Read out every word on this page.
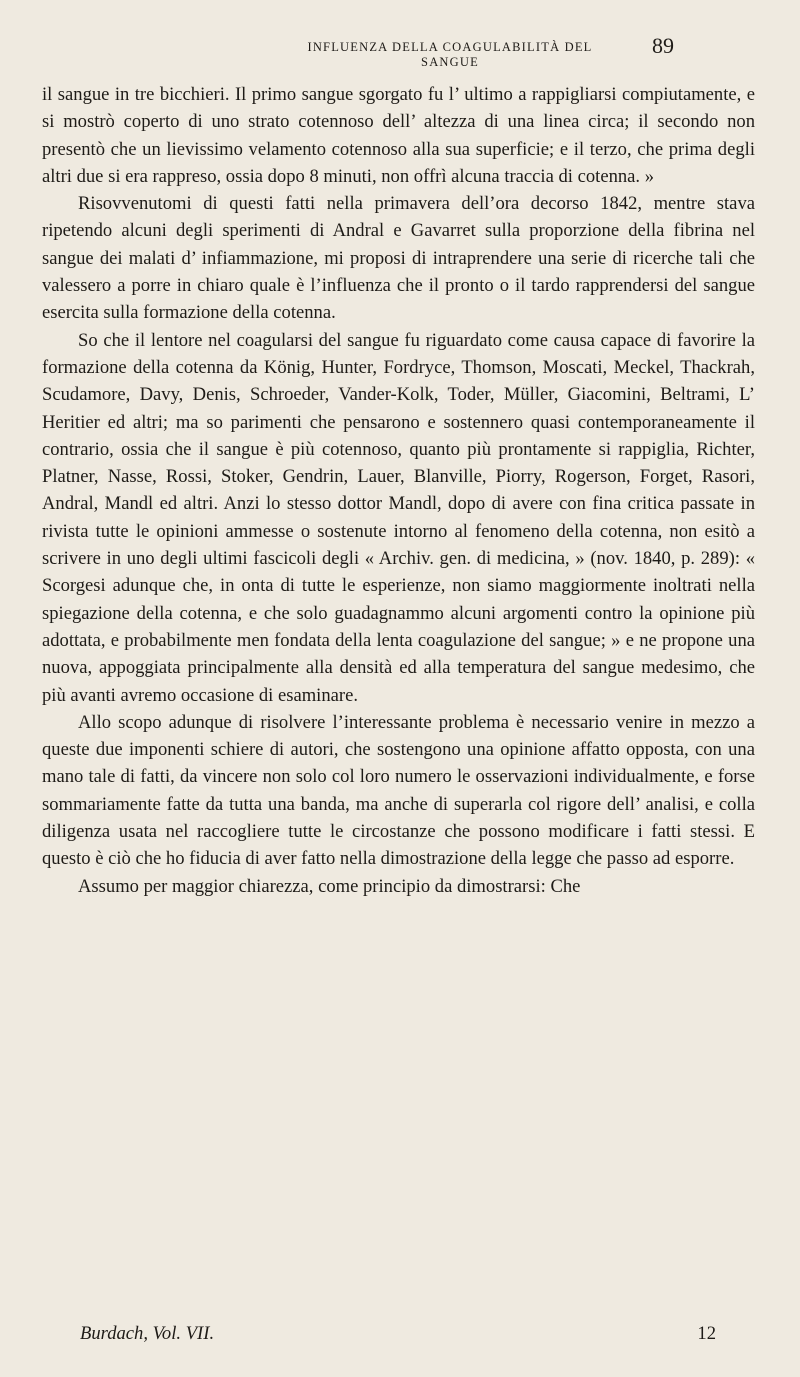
INFLUENZA DELLA COAGULABILITÀ DEL SANGUE
89

il sangue in tre bicchieri. Il primo sangue sgorgato fu l’ ultimo a rappigliarsi compiutamente, e si mostrò coperto di uno strato cotennoso dell’ altezza di una linea circa; il secondo non presentò che un lievissimo velamento cotennoso alla sua superficie; e il terzo, che prima degli altri due si era rappreso, ossia dopo 8 minuti, non offrì alcuna traccia di cotenna. »

Risovvenutomi di questi fatti nella primavera dell’ora decorso 1842, mentre stava ripetendo alcuni degli sperimenti di Andral e Gavarret sulla proporzione della fibrina nel sangue dei malati d’ infiammazione, mi proposi di intraprendere una serie di ricerche tali che valessero a porre in chiaro quale è l’influenza che il pronto o il tardo rapprendersi del sangue esercita sulla formazione della cotenna.

So che il lentore nel coagularsi del sangue fu riguardato come causa capace di favorire la formazione della cotenna da König, Hunter, Fordryce, Thomson, Moscati, Meckel, Thackrah, Scudamore, Davy, Denis, Schroeder, Vander-Kolk, Toder, Müller, Giacomini, Beltrami, L’ Heritier ed altri; ma so parimenti che pensarono e sostennero quasi contemporaneamente il contrario, ossia che il sangue è più cotennoso, quanto più prontamente si rappiglia, Richter, Platner, Nasse, Rossi, Stoker, Gendrin, Lauer, Blanville, Piorry, Rogerson, Forget, Rasori, Andral, Mandl ed altri. Anzi lo stesso dottor Mandl, dopo di avere con fina critica passate in rivista tutte le opinioni ammesse o sostenute intorno al fenomeno della cotenna, non esitò a scrivere in uno degli ultimi fascicoli degli « Archiv. gen. di medicina, » (nov. 1840, p. 289): « Scorgesi adunque che, in onta di tutte le esperienze, non siamo maggiormente inoltrati nella spiegazione della cotenna, e che solo guadagnammo alcuni argomenti contro la opinione più adottata, e probabilmente men fondata della lenta coagulazione del sangue; » e ne propone una nuova, appoggiata principalmente alla densità ed alla temperatura del sangue medesimo, che più avanti avremo occasione di esaminare.

Allo scopo adunque di risolvere l’interessante problema è necessario venire in mezzo a queste due imponenti schiere di autori, che sostengono una opinione affatto opposta, con una mano tale di fatti, da vincere non solo col loro numero le osservazioni individualmente, e forse sommariamente fatte da tutta una banda, ma anche di superarla col rigore dell’ analisi, e colla diligenza usata nel raccogliere tutte le circostanze che possono modificare i fatti stessi. E questo è ciò che ho fiducia di aver fatto nella dimostrazione della legge che passo ad esporre.

Assumo per maggior chiarezza, come principio da dimostrarsi: Che

Burdach, Vol. VII.	12
